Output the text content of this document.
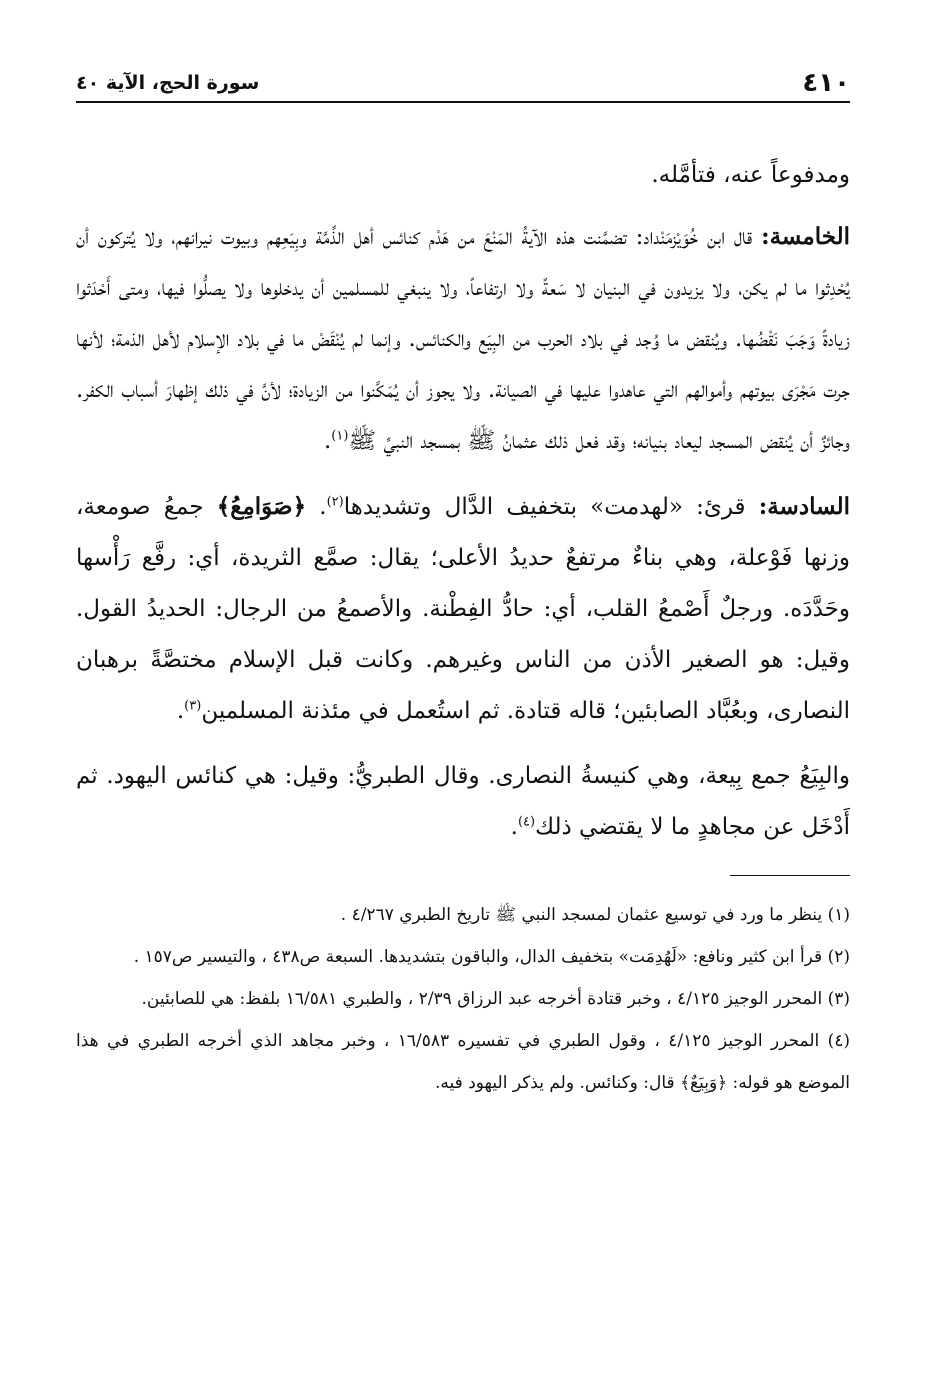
٤١٠
سورة الحج، الآية ٤٠

ومدفوعاً عنه، فتأمَّله.

الخامسة: قال ابن خُوَيْزمَنْداد: تضمَّنت هذه الآيةُ المَنْعَ من هَدْم كنائس أهل الذِّمَّة وبِيَعِهم وبيوت نيرانهم، ولا يُتركون أن يُحْدِثوا ما لم يكن، ولا يزيدون في البنيان لا سَعةً ولا ارتفاعاً، ولا ينبغي للمسلمين أن يدخلوها ولا يصلُّوا فيها، ومتى أَحْدَثوا زيادةً وَجَبَ نَقْضُها. ويُنقض ما وُجد في بلاد الحرب من البِيَع والكنائس. وإنما لم يُنْقَضْ ما في بلاد الإسلام لأهل الذمة؛ لأنها جرت مَجْرَى بيوتهم وأموالهم التي عاهدوا عليها في الصيانة. ولا يجوز أن يُمَكَّنوا من الزيادة؛ لأنَّ في ذلك إظهارَ أسباب الكفر. وجائزٌ أن يُنقض المسجد ليعاد بنيانه؛ وقد فعل ذلك عثمانُ ﷺ بمسجد النبيِّ ﷺ$^{(١)}$.

السادسة: قرئ: «لهدمت» بتخفيف الدَّال وتشديدها$^{(٢)}$. ﴿صَوَامِعُ﴾ جمعُ صومعة، وزنها فَوْعلة، وهي بناءٌ مرتفعٌ حديدُ الأعلى؛ يقال: صمَّع الثريدة، أي: رفَّع رَأْسها وحَدَّدَه. ورجلٌ أَصْمعُ القلب، أي: حادُّ الفِطْنة. والأصمعُ من الرجال: الحديدُ القول. وقيل: هو الصغير الأذن من الناس وغيرهم. وكانت قبل الإسلام مختصَّةً برهبان النصارى، وبعُبَّاد الصابئين؛ قاله قتادة. ثم استُعمل في مئذنة المسلمين$^{(٣)}$.

والبِيَعُ جمع بِيعة، وهي كنيسةُ النصارى. وقال الطبريُّ: وقيل: هي كنائس اليهود. ثم أَدْخَل عن مجاهدٍ ما لا يقتضي ذلك$^{(٤)}$.

(١) ينظر ما ورد في توسيع عثمان لمسجد النبي ﷺ تاريخ الطبري ٤/٢٦٧ .

(٢) قرأ ابن كثير ونافع: «لَهُدِمَت» بتخفيف الدال، والباقون بتشديدها. السبعة ص٤٣٨ ، والتيسير ص١٥٧ .

(٣) المحرر الوجيز ٤/١٢٥ ، وخبر قتادة أخرجه عبد الرزاق ٢/٣٩ ، والطبري ١٦/٥٨١ بلفظ: هي للصابئين.

(٤) المحرر الوجيز ٤/١٢٥ ، وقول الطبري في تفسيره ١٦/٥٨٣ ، وخبر مجاهد الذي أخرجه الطبري في هذا الموضع هو قوله: ﴿وَبِيَعٌ﴾ قال: وكنائس. ولم يذكر اليهود فيه.
